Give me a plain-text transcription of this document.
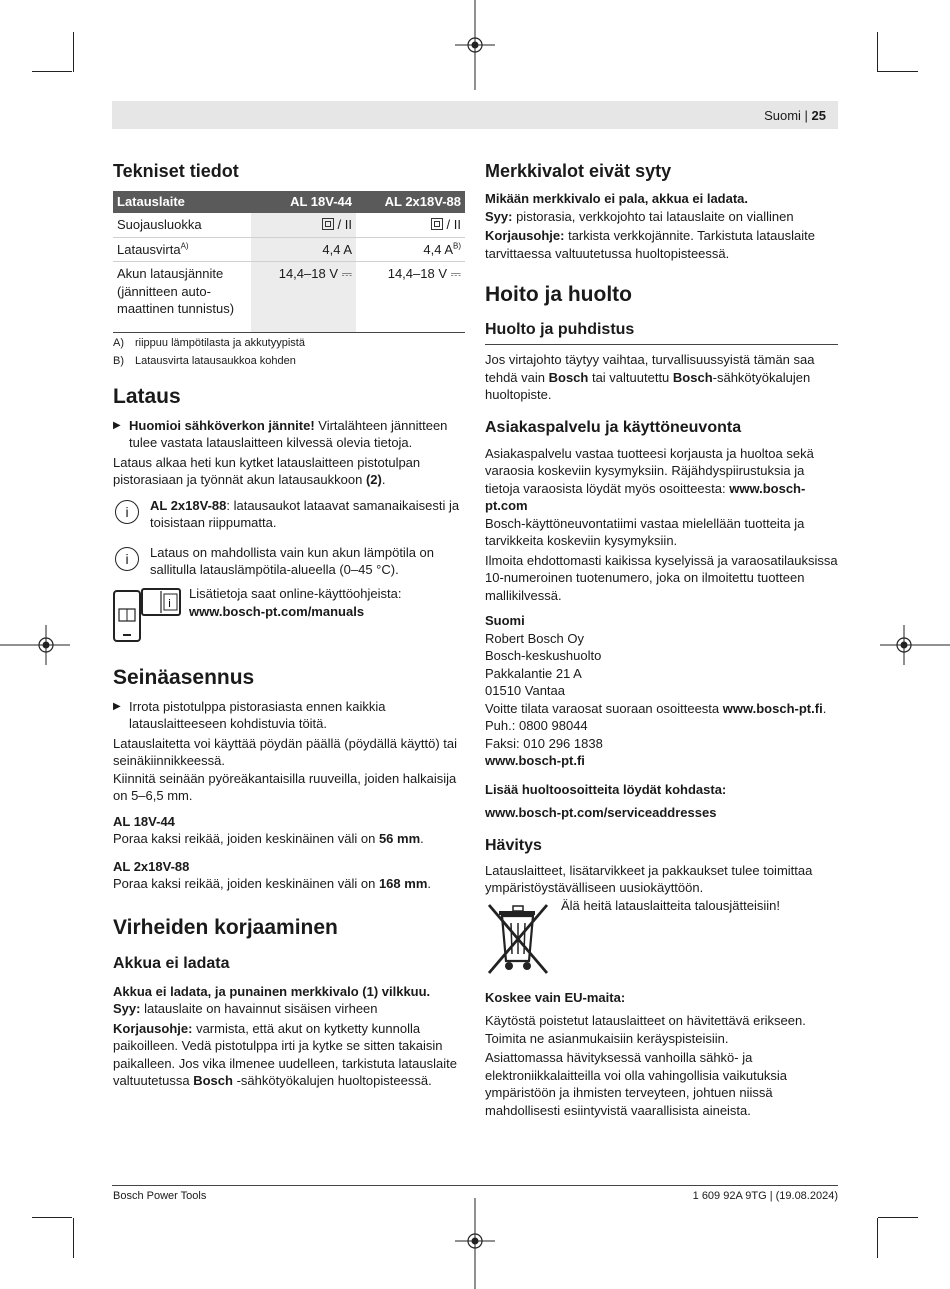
Suomi | 25
Tekniset tiedot
Latauslaite	AL 18V-44	AL 2x18V-88
Suojausluokka	/ II	/ II
Latausvirta$^{A)}$	4,4 A	4,4 $A^{B)}$
Akun latausjännite (jännitteen automaattinen tunnistus)	14,4–18 V ⎓	14,4–18 V ⎓
A) riippuu lämpötilasta ja akkutyypistä
B) Latausvirta latausaukkoa kohden
Lataus

▶ Huomioi sähköverkon jännite! Virtalähteen jännitteen tulee vastata latauslaitteen kilvessä olevia tietoja.

Lataus alkaa heti kun kytket latauslaitteen pistotulpan pistorasiaan ja työnnät akun latausaukkoon (2).

i	AL 2x18V-88: latausaukot lataavat samanaikaisesti ja toisistaan riippumatta.
i	Lataus on mahdollista vain kun akun lämpötila on sallitulla latauslämpötila-alueella (0–45 °C).
i
Lisätietoja saat online-käyttöohjeista:
www.bosch-pt.com/manuals
Seinäasennus

▶ Irrota pistotulppa pistorasiasta ennen kaikkia latauslaitteeseen kohdistuvia töitä.

Latauslaitetta voi käyttää pöydän päällä (pöydällä käyttö) tai seinäkiinnikkeessä.

Kiinnitä seinään pyöreäkantaisilla ruuveilla, joiden halkaisija on 5–6,5 mm.

AL 18V-44

Poraa kaksi reikää, joiden keskinäinen väli on 56 mm.

AL 2x18V-88

Poraa kaksi reikää, joiden keskinäinen väli on 168 mm.

Virheiden korjaaminen
Akkua ei ladata

Akkua ei ladata, ja punainen merkkivalo (1) vilkkuu.

Syy: latauslaite on havainnut sisäisen virheen

Korjausohje: varmista, että akut on kytketty kunnolla paikoilleen. Vedä pistotulppa irti ja kytke se sitten takaisin paikalleen. Jos vika ilmenee uudelleen, tarkistuta latauslaite valtuutetussa Bosch -sähkötyökalujen huoltopisteessä.

Merkkivalot eivät syty

Mikään merkkivalo ei pala, akkua ei ladata.

Syy: pistorasia, verkkojohto tai latauslaite on viallinen

Korjausohje: tarkista verkkojännite. Tarkistuta latauslaite tarvittaessa valtuutetussa huoltopisteessä.

Hoito ja huolto
Huolto ja puhdistus

Jos virtajohto täytyy vaihtaa, turvallisuussyistä tämän saa tehdä vain Bosch tai valtuutettu Bosch-sähkötyökalujen huoltopiste.

Asiakaspalvelu ja käyttöneuvonta

Asiakaspalvelu vastaa tuotteesi korjausta ja huoltoa sekä varaosia koskeviin kysymyksiin. Räjähdyspiirustuksia ja tietoja varaosista löydät myös osoitteesta: www.bosch-pt.com

Bosch-käyttöneuvontatiimi vastaa mielellään tuotteita ja tarvikkeita koskeviin kysymyksiin.

Ilmoita ehdottomasti kaikissa kyselyissä ja varaosatilauksissa 10-numeroinen tuotenumero, joka on ilmoitettu tuotteen mallikilvessä.

Suomi

Robert Bosch Oy

Bosch-keskushuolto

Pakkalantie 21 A

01510 Vantaa

Voitte tilata varaosat suoraan osoitteesta www.bosch-pt.fi.

Puh.: 0800 98044

Faksi: 010 296 1838

www.bosch-pt.fi

Lisää huoltoosoitteita löydät kohdasta:

www.bosch-pt.com/serviceaddresses

Hävitys

Latauslaitteet, lisätarvikkeet ja pakkaukset tulee toimittaa ympäristöystävälliseen uusiokäyttöön.

Älä heitä latauslaitteita talousjätteisiin!

Koskee vain EU-maita:

Käytöstä poistetut latauslaitteet on hävitettävä erikseen. Toimita ne asianmukaisiin keräyspisteisiin.

Asiattomassa hävityksessä vanhoilla sähkö- ja elektroniikkalaitteilla voi olla vahingollisia vaikutuksia ympäristöön ja ihmisten terveyteen, johtuen niissä mahdollisesti esiintyvistä vaarallisista aineista.

Bosch Power Tools	1 609 92A 9TG | (19.08.2024)
